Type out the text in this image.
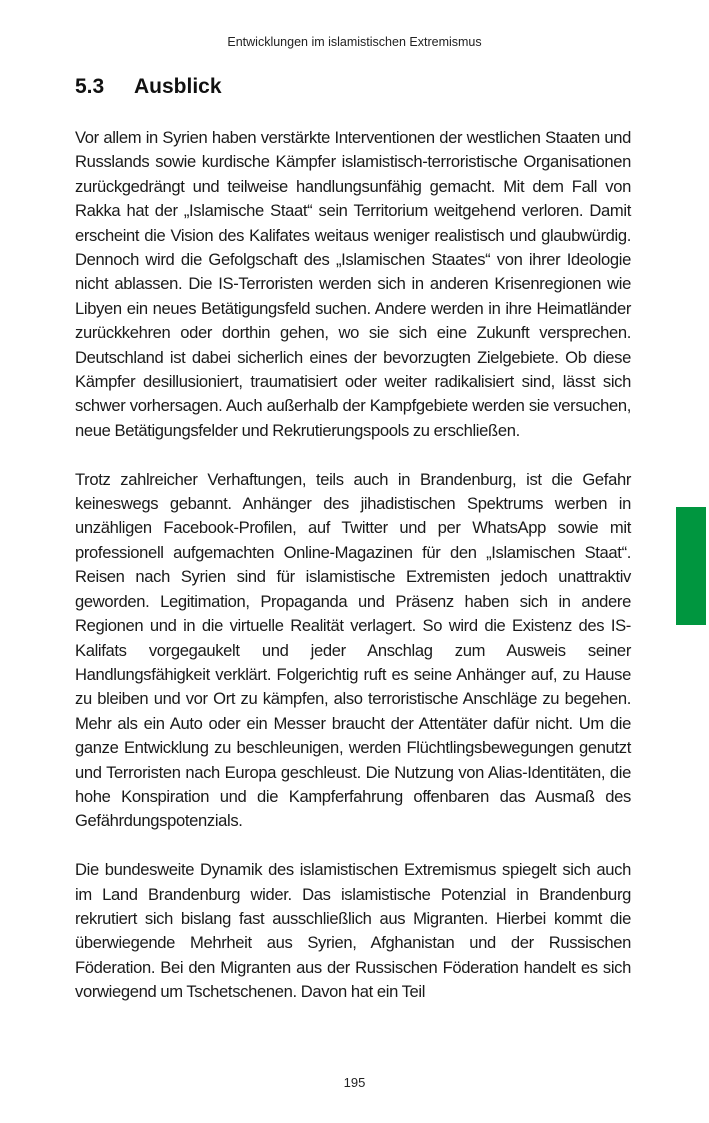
Entwicklungen im islamistischen Extremismus
5.3	Ausblick

Vor allem in Syrien haben verstärkte Interventionen der westlichen Staaten und Russlands sowie kurdische Kämpfer islamistisch-terroristische Organisationen zurückgedrängt und teilweise handlungsunfähig gemacht. Mit dem Fall von Rakka hat der „Islamische Staat“ sein Territorium weitgehend verloren. Damit erscheint die Vision des Kalifates weitaus weniger realistisch und glaubwürdig. Dennoch wird die Gefolgschaft des „Islamischen Staates“ von ihrer Ideologie nicht ablassen. Die IS-Terroristen werden sich in anderen Krisenregionen wie Libyen ein neues Betätigungsfeld suchen. Andere werden in ihre Heimatländer zurückkehren oder dorthin gehen, wo sie sich eine Zukunft versprechen. Deutschland ist dabei sicherlich eines der bevorzugten Zielgebiete. Ob diese Kämpfer desillusioniert, traumatisiert oder weiter radikalisiert sind, lässt sich schwer vorhersagen. Auch außerhalb der Kampfgebiete werden sie versuchen, neue Betätigungsfelder und Rekrutierungspools zu erschließen.

Trotz zahlreicher Verhaftungen, teils auch in Brandenburg, ist die Gefahr keineswegs gebannt. Anhänger des jihadistischen Spektrums werben in unzähligen Facebook-Profilen, auf Twitter und per WhatsApp sowie mit professionell aufgemachten Online-Magazinen für den „Islamischen Staat“. Reisen nach Syrien sind für islamistische Extremisten jedoch unattraktiv geworden. Legitimation, Propaganda und Präsenz haben sich in andere Regionen und in die virtuelle Realität verlagert. So wird die Existenz des IS-Kalifats vorgegaukelt und jeder Anschlag zum Ausweis seiner Handlungsfähigkeit verklärt. Folgerichtig ruft es seine Anhänger auf, zu Hause zu bleiben und vor Ort zu kämpfen, also terroristische Anschläge zu begehen. Mehr als ein Auto oder ein Messer braucht der Attentäter dafür nicht. Um die ganze Entwicklung zu beschleunigen, werden Flüchtlingsbewegungen genutzt und Terroristen nach Europa geschleust. Die Nutzung von Alias-Identitäten, die hohe Konspiration und die Kampferfahrung offenbaren das Ausmaß des Gefährdungspotenzials.

Die bundesweite Dynamik des islamistischen Extremismus spiegelt sich auch im Land Brandenburg wider. Das islamistische Potenzial in Brandenburg rekrutiert sich bislang fast ausschließlich aus Migranten. Hierbei kommt die überwiegende Mehrheit aus Syrien, Afghanistan und der Russischen Föderation. Bei den Migranten aus der Russischen Föderation handelt es sich vorwiegend um Tschetschenen. Davon hat ein Teil

195
